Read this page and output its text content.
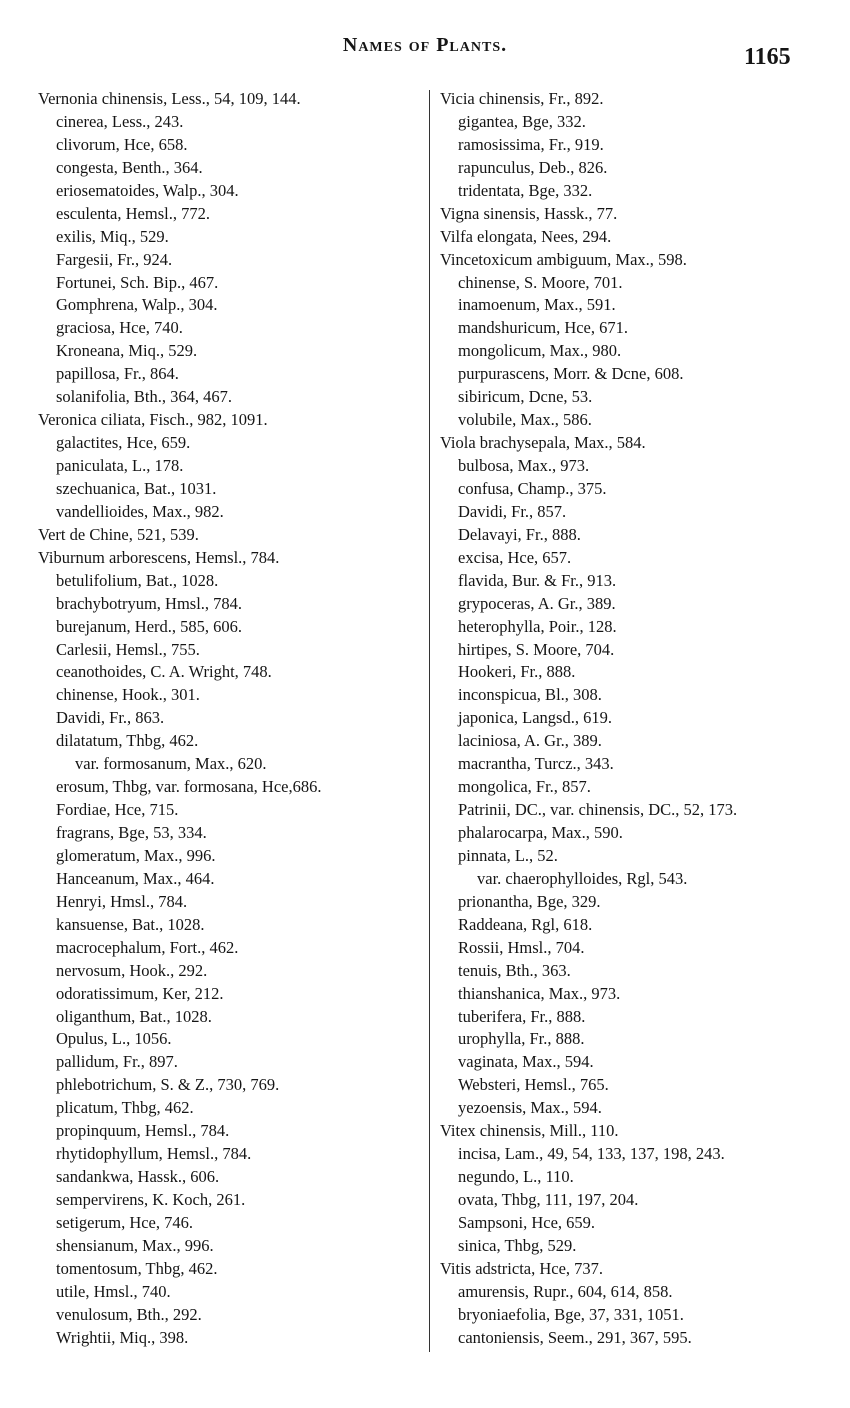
Names of Plants.	1165
Vernonia chinensis, Less., 54, 109, 144.
cinerea, Less., 243.
clivorum, Hce, 658.
congesta, Benth., 364.
eriosematoides, Walp., 304.
esculenta, Hemsl., 772.
exilis, Miq., 529.
Fargesii, Fr., 924.
Fortunei, Sch. Bip., 467.
Gomphrena, Walp., 304.
graciosa, Hce, 740.
Kroneana, Miq., 529.
papillosa, Fr., 864.
solanifolia, Bth., 364, 467.
Veronica ciliata, Fisch., 982, 1091.
galactites, Hce, 659.
paniculata, L., 178.
szechuanica, Bat., 1031.
vandellioides, Max., 982.
Vert de Chine, 521, 539.
Viburnum arborescens, Hemsl., 784.
betulifolium, Bat., 1028.
brachybotryum, Hmsl., 784.
burejanum, Herd., 585, 606.
Carlesii, Hemsl., 755.
ceanothoides, C. A. Wright, 748.
chinense, Hook., 301.
Davidi, Fr., 863.
dilatatum, Thbg, 462.
var. formosanum, Max., 620.
erosum, Thbg, var. formosana, Hce,686.
Fordiae, Hce, 715.
fragrans, Bge, 53, 334.
glomeratum, Max., 996.
Hanceanum, Max., 464.
Henryi, Hmsl., 784.
kansuense, Bat., 1028.
macrocephalum, Fort., 462.
nervosum, Hook., 292.
odoratissimum, Ker, 212.
oliganthum, Bat., 1028.
Opulus, L., 1056.
pallidum, Fr., 897.
phlebotrichum, S. & Z., 730, 769.
plicatum, Thbg, 462.
propinquum, Hemsl., 784.
rhytidophyllum, Hemsl., 784.
sandankwa, Hassk., 606.
sempervirens, K. Koch, 261.
setigerum, Hce, 746.
shensianum, Max., 996.
tomentosum, Thbg, 462.
utile, Hmsl., 740.
venulosum, Bth., 292.
Wrightii, Miq., 398.
Vicia chinensis, Fr., 892.
gigantea, Bge, 332.
ramosissima, Fr., 919.
rapunculus, Deb., 826.
tridentata, Bge, 332.
Vigna sinensis, Hassk., 77.
Vilfa elongata, Nees, 294.
Vincetoxicum ambiguum, Max., 598.
chinense, S. Moore, 701.
inamoenum, Max., 591.
mandshuricum, Hce, 671.
mongolicum, Max., 980.
purpurascens, Morr. & Dcne, 608.
sibiricum, Dcne, 53.
volubile, Max., 586.
Viola brachysepala, Max., 584.
bulbosa, Max., 973.
confusa, Champ., 375.
Davidi, Fr., 857.
Delavayi, Fr., 888.
excisa, Hce, 657.
flavida, Bur. & Fr., 913.
grypoceras, A. Gr., 389.
heterophylla, Poir., 128.
hirtipes, S. Moore, 704.
Hookeri, Fr., 888.
inconspicua, Bl., 308.
japonica, Langsd., 619.
laciniosa, A. Gr., 389.
macrantha, Turcz., 343.
mongolica, Fr., 857.
Patrinii, DC., var. chinensis, DC., 52, 173.
phalarocarpa, Max., 590.
pinnata, L., 52.
var. chaerophylloides, Rgl, 543.
prionantha, Bge, 329.
Raddeana, Rgl, 618.
Rossii, Hmsl., 704.
tenuis, Bth., 363.
thianshanica, Max., 973.
tuberifera, Fr., 888.
urophylla, Fr., 888.
vaginata, Max., 594.
Websteri, Hemsl., 765.
yezoensis, Max., 594.
Vitex chinensis, Mill., 110.
incisa, Lam., 49, 54, 133, 137, 198, 243.
negundo, L., 110.
ovata, Thbg, 111, 197, 204.
Sampsoni, Hce, 659.
sinica, Thbg, 529.
Vitis adstricta, Hce, 737.
amurensis, Rupr., 604, 614, 858.
bryoniaefolia, Bge, 37, 331, 1051.
cantoniensis, Seem., 291, 367, 595.
